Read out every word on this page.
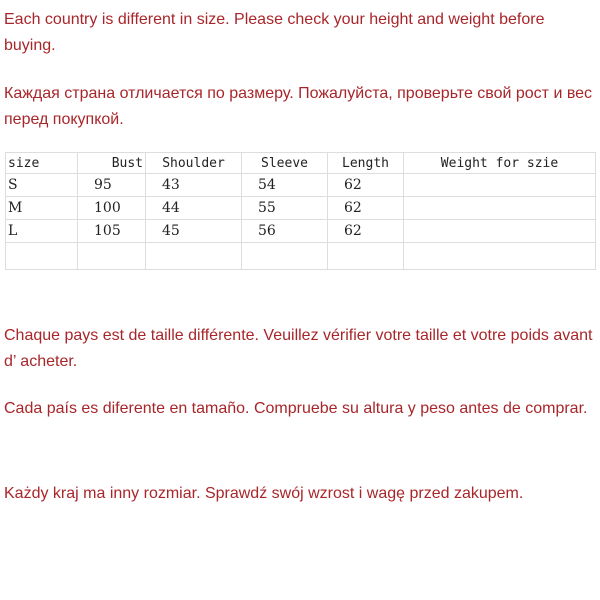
Each country is different in size. Please check your height and weight before buying.

Каждая страна отличается по размеру. Пожалуйста, проверьте свой рост и вес перед покупкой.

size	Bust	Shoulder	Sleeve	Length	Weight for szie
S	95	43	54	62	
M	100	44	55	62	
L	105	45	56	62	

Chaque pays est de taille différente. Veuillez vérifier votre taille et votre poids avant d’ acheter.

Cada país es diferente en tamaño. Compruebe su altura y peso antes de comprar.

Każdy kraj ma inny rozmiar. Sprawdź swój wzrost i wagę przed zakupem.
